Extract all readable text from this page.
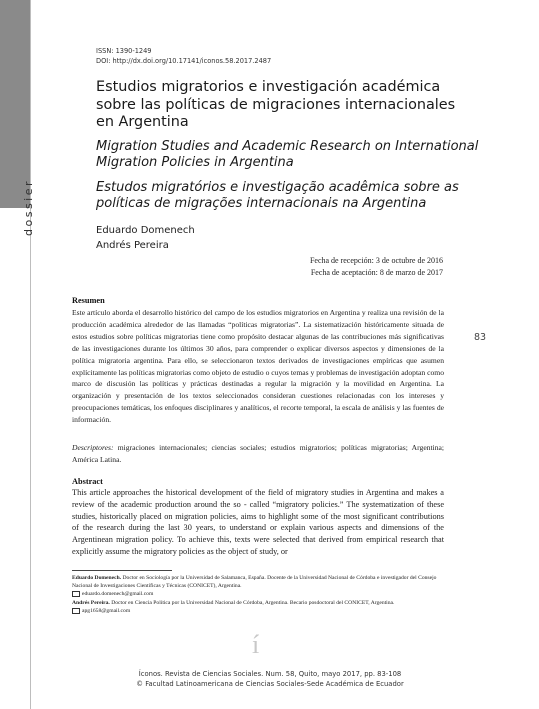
dossier
ISSN: 1390-1249
DOI: http://dx.doi.org/10.17141/iconos.58.2017.2487
Estudios migratorios e investigación académica sobre las políticas de migraciones internacionales en Argentina
Migration Studies and Academic Research on International Migration Policies in Argentina
Estudos migratórios e investigação acadêmica sobre as políticas de migrações internacionais na Argentina
Eduardo Domenech
Andrés Pereira
Fecha de recepción: 3 de octubre de 2016
Fecha de aceptación: 8 de marzo de 2017
83
Resumen
Este artículo aborda el desarrollo histórico del campo de los estudios migratorios en Argentina y realiza una revisión de la producción académica alrededor de las llamadas “políticas migratorias”. La sistematización históricamente situada de estos estudios sobre políticas migratorias tiene como propósito destacar algunas de las contribuciones más significativas de las investigaciones durante los últimos 30 años, para comprender o explicar diversos aspectos y dimensiones de la política migratoria argentina. Para ello, se seleccionaron textos derivados de investigaciones empíricas que asumen explícitamente las políticas migratorias como objeto de estudio o cuyos temas y problemas de investigación adoptan como marco de discusión las políticas y prácticas destinadas a regular la migración y la movilidad en Argentina. La organización y presentación de los textos seleccionados consideran cuestiones relacionadas con los intereses y preocupaciones temáticas, los enfoques disciplinares y analíticos, el recorte temporal, la escala de análisis y las fuentes de información.
Descriptores: migraciones internacionales; ciencias sociales; estudios migratorios; políticas migratorias; Argentina; América Latina.
Abstract
This article approaches the historical development of the field of migratory studies in Argentina and makes a review of the academic production around the so - called “migratory policies.” The systematization of these studies, historically placed on migration policies, aims to highlight some of the most significant contributions of the research during the last 30 years, to understand or explain various aspects and dimensions of the Argentinean migration policy. To achieve this, texts were selected that derived from empirical research that explicitly assume the migratory policies as the object of study, or
Eduardo Domenech. Doctor en Sociología por la Universidad de Salamanca, España. Docente de la Universidad Nacional de Córdoba e investigador del Consejo Nacional de Investigaciones Científicas y Técnicas (CONICET), Argentina.
eduardo.domenech@gmail.com
Andrés Pereira. Doctor en Ciencia Política por la Universidad Nacional de Córdoba, Argentina. Becario posdoctoral del CONICET, Argentina.
apg1658@gmail.com
í
Íconos. Revista de Ciencias Sociales. Num. 58, Quito, mayo 2017, pp. 83-108
© Facultad Latinoamericana de Ciencias Sociales-Sede Académica de Ecuador
